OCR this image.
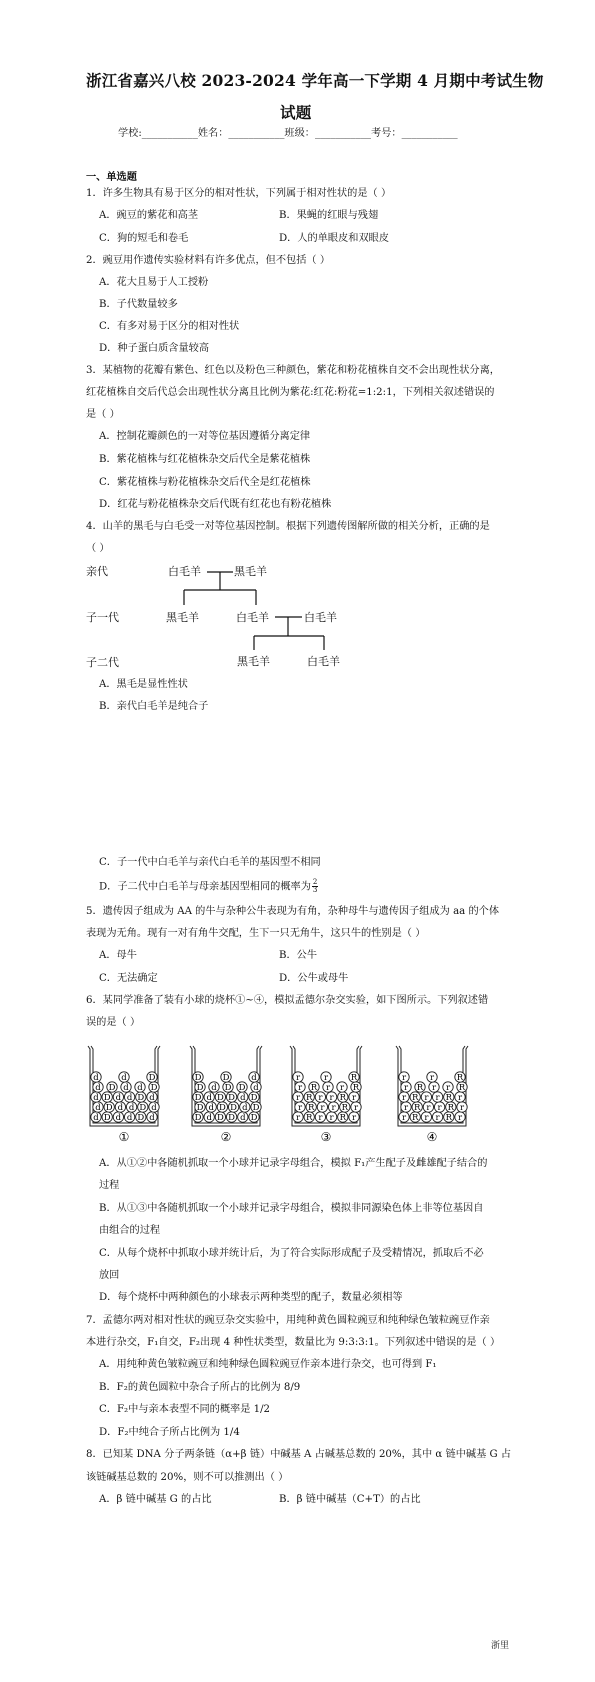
浙江省嘉兴八校 2023-2024 学年高一下学期 4 月期中考试生物
试题
学校:___________姓名：___________班级：___________考号：___________
一、单选题
1．许多生物具有易于区分的相对性状，下列属于相对性状的是（ ）
A．豌豆的紫花和高茎	B．果蝇的红眼与残翅
C．狗的短毛和卷毛	D．人的单眼皮和双眼皮
2．豌豆用作遗传实验材料有许多优点，但不包括（ ）
A．花大且易于人工授粉
B．子代数量较多
C．有多对易于区分的相对性状
D．种子蛋白质含量较高
3．某植物的花瓣有紫色、红色以及粉色三种颜色，紫花和粉花植株自交不会出现性状分离，
红花植株自交后代总会出现性状分离且比例为紫花:红花:粉花=1:2:1，下列相关叙述错误的
是（ ）
A．控制花瓣颜色的一对等位基因遵循分离定律
B．紫花植株与红花植株杂交后代全是紫花植株
C．紫花植株与粉花植株杂交后代全是红花植株
D．红花与粉花植株杂交后代既有红花也有粉花植株
4．山羊的黑毛与白毛受一对等位基因控制。根据下列遗传图解所做的相关分析，正确的是
（ ）
亲代
子一代
子二代
白毛羊	黑毛羊
黑毛羊	白毛羊	白毛羊
黑毛羊	白毛羊
A．黑毛是显性性状
B．亲代白毛羊是纯合子
C．子一代中白毛羊与亲代白毛羊的基因型不相同
D．子二代中白毛羊与母亲基因型相同的概率为 $\frac{2}{3}$
5．遗传因子组成为 AA 的牛与杂种公牛表现为有角，杂种母牛与遗传因子组成为 aa 的个体
表现为无角。现有一对有角牛交配，生下一只无角牛，这只牛的性别是（ ）
A．母牛	B．公牛
C．无法确定	D．公牛或母牛
6．某同学准备了装有小球的烧杯①~④，模拟孟德尔杂交实验，如下图所示。下列叙述错
误的是（ ）
d D d d D d
d D d d D d
d D d d D d
d D d d D
d	d	D
①
D d D D d D
D d D D d D
D d D D d D
D d D D d
D D	d
②
r R r r R r
r R r r R r
r R r r R r
r R r r R
r	r	R
③
r R r r R r
r R r r R r
r R r r R r
r R r r R
r	r	R
④
A．从①②中各随机抓取一个小球并记录字母组合，模拟 F₁产生配子及雌雄配子结合的
过程
B．从①③中各随机抓取一个小球并记录字母组合，模拟非同源染色体上非等位基因自
由组合的过程
C．从每个烧杯中抓取小球并统计后，为了符合实际形成配子及受精情况，抓取后不必
放回
D．每个烧杯中两种颜色的小球表示两种类型的配子，数量必须相等
7．孟德尔两对相对性状的豌豆杂交实验中，用纯种黄色圆粒豌豆和纯种绿色皱粒豌豆作亲
本进行杂交，F₁自交，F₂出现 4 种性状类型，数量比为 9:3:3:1。下列叙述中错误的是（ ）
A．用纯种黄色皱粒豌豆和纯种绿色圆粒豌豆作亲本进行杂交，也可得到 F₁
B．F₂的黄色圆粒中杂合子所占的比例为 8/9
C．F₂中与亲本表型不同的概率是 1/2
D．F₂中纯合子所占比例为 1/4
8．已知某 DNA 分子两条链（α+β 链）中碱基 A 占碱基总数的 20%，其中 α 链中碱基 G 占
该链碱基总数的 20%，则不可以推测出（ ）
A．β 链中碱基 G 的占比	B．β 链中碱基（C+T）的占比
浙里
